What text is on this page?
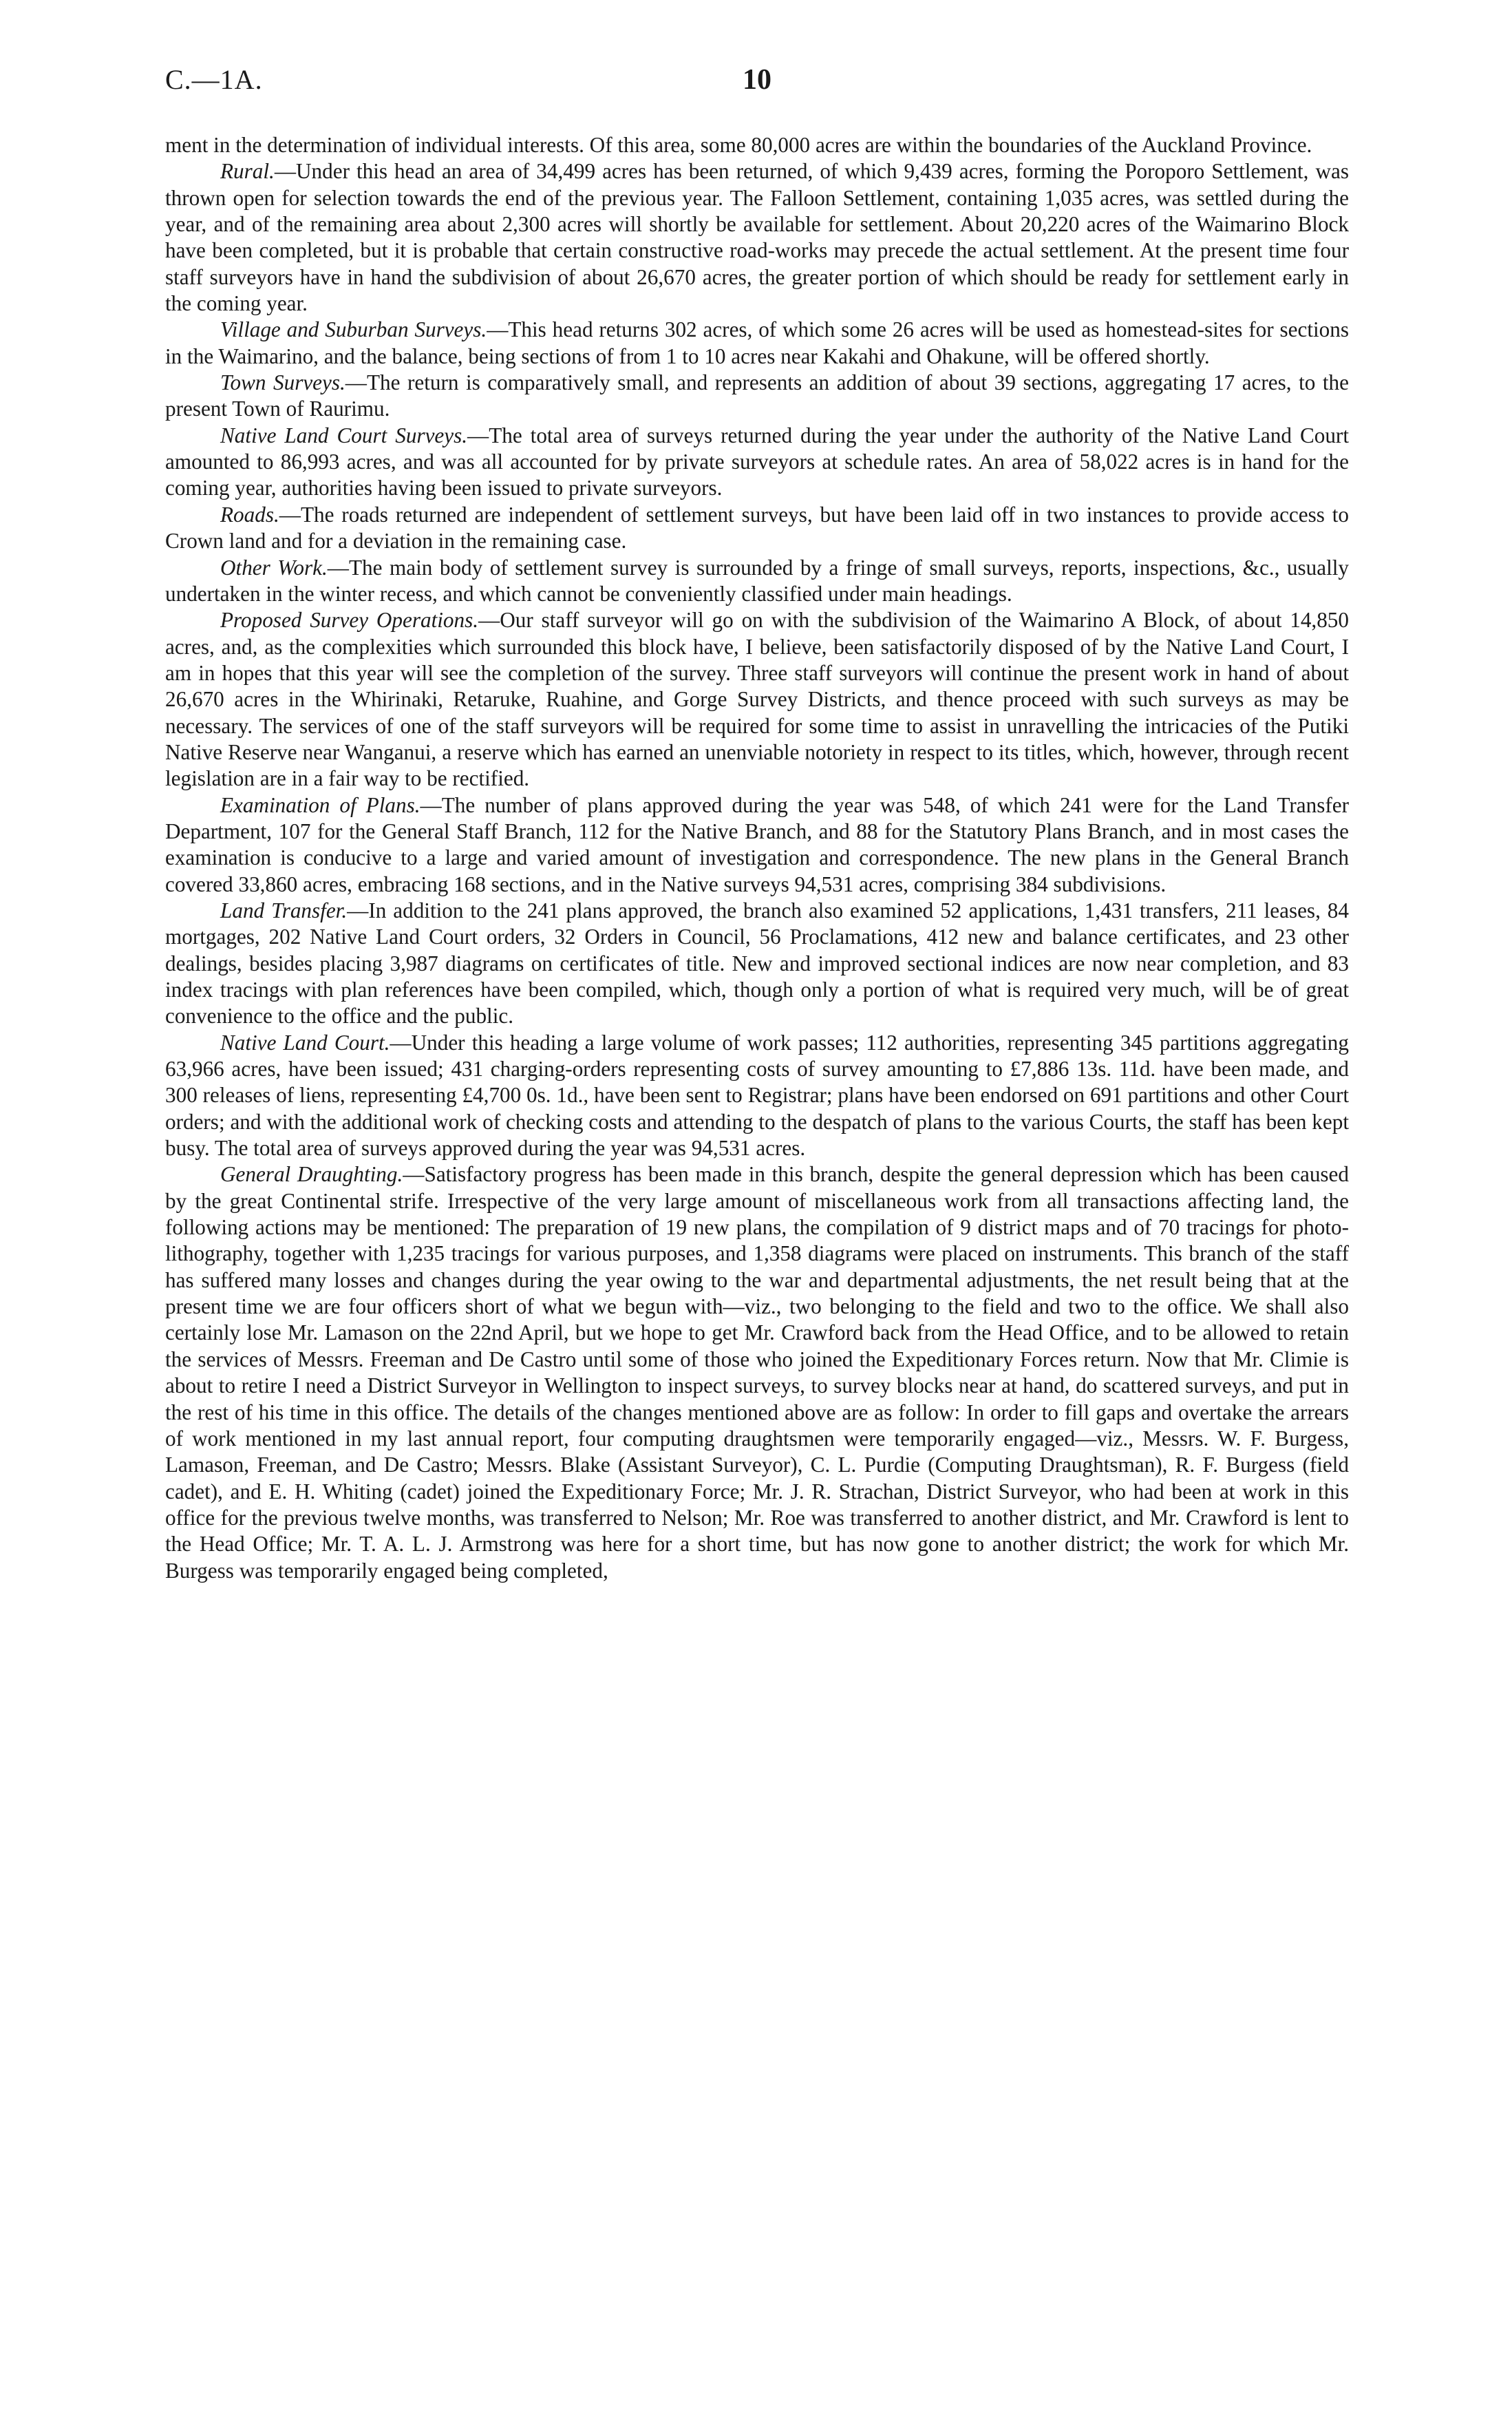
C.—1A.	10

ment in the determination of individual interests. Of this area, some 80,000 acres are within the boundaries of the Auckland Province.

Rural.—Under this head an area of 34,499 acres has been returned, of which 9,439 acres, forming the Poroporo Settlement, was thrown open for selection towards the end of the previous year. The Falloon Settlement, containing 1,035 acres, was settled during the year, and of the remaining area about 2,300 acres will shortly be available for settlement. About 20,220 acres of the Waimarino Block have been completed, but it is probable that certain constructive road-works may precede the actual settlement. At the present time four staff surveyors have in hand the subdivision of about 26,670 acres, the greater portion of which should be ready for settlement early in the coming year.

Village and Suburban Surveys.—This head returns 302 acres, of which some 26 acres will be used as homestead-sites for sections in the Waimarino, and the balance, being sections of from 1 to 10 acres near Kakahi and Ohakune, will be offered shortly.

Town Surveys.—The return is comparatively small, and represents an addition of about 39 sections, aggregating 17 acres, to the present Town of Raurimu.

Native Land Court Surveys.—The total area of surveys returned during the year under the authority of the Native Land Court amounted to 86,993 acres, and was all accounted for by private surveyors at schedule rates. An area of 58,022 acres is in hand for the coming year, authorities having been issued to private surveyors.

Roads.—The roads returned are independent of settlement surveys, but have been laid off in two instances to provide access to Crown land and for a deviation in the remaining case.

Other Work.—The main body of settlement survey is surrounded by a fringe of small surveys, reports, inspections, &c., usually undertaken in the winter recess, and which cannot be conveniently classified under main headings.

Proposed Survey Operations.—Our staff surveyor will go on with the subdivision of the Waimarino A Block, of about 14,850 acres, and, as the complexities which surrounded this block have, I believe, been satisfactorily disposed of by the Native Land Court, I am in hopes that this year will see the completion of the survey. Three staff surveyors will continue the present work in hand of about 26,670 acres in the Whirinaki, Retaruke, Ruahine, and Gorge Survey Districts, and thence proceed with such surveys as may be necessary. The services of one of the staff surveyors will be required for some time to assist in unravelling the intricacies of the Putiki Native Reserve near Wanganui, a reserve which has earned an unenviable notoriety in respect to its titles, which, however, through recent legislation are in a fair way to be rectified.

Examination of Plans.—The number of plans approved during the year was 548, of which 241 were for the Land Transfer Department, 107 for the General Staff Branch, 112 for the Native Branch, and 88 for the Statutory Plans Branch, and in most cases the examination is conducive to a large and varied amount of investigation and correspondence. The new plans in the General Branch covered 33,860 acres, embracing 168 sections, and in the Native surveys 94,531 acres, comprising 384 subdivisions.

Land Transfer.—In addition to the 241 plans approved, the branch also examined 52 applications, 1,431 transfers, 211 leases, 84 mortgages, 202 Native Land Court orders, 32 Orders in Council, 56 Proclamations, 412 new and balance certificates, and 23 other dealings, besides placing 3,987 diagrams on certificates of title. New and improved sectional indices are now near completion, and 83 index tracings with plan references have been compiled, which, though only a portion of what is required very much, will be of great convenience to the office and the public.

Native Land Court.—Under this heading a large volume of work passes; 112 authorities, representing 345 partitions aggregating 63,966 acres, have been issued; 431 charging-orders representing costs of survey amounting to £7,886 13s. 11d. have been made, and 300 releases of liens, representing £4,700 0s. 1d., have been sent to Registrar; plans have been endorsed on 691 partitions and other Court orders; and with the additional work of checking costs and attending to the despatch of plans to the various Courts, the staff has been kept busy. The total area of surveys approved during the year was 94,531 acres.

General Draughting.—Satisfactory progress has been made in this branch, despite the general depression which has been caused by the great Continental strife. Irrespective of the very large amount of miscellaneous work from all transactions affecting land, the following actions may be mentioned: The preparation of 19 new plans, the compilation of 9 district maps and of 70 tracings for photo-lithography, together with 1,235 tracings for various purposes, and 1,358 diagrams were placed on instruments. This branch of the staff has suffered many losses and changes during the year owing to the war and departmental adjustments, the net result being that at the present time we are four officers short of what we begun with—viz., two belonging to the field and two to the office. We shall also certainly lose Mr. Lamason on the 22nd April, but we hope to get Mr. Crawford back from the Head Office, and to be allowed to retain the services of Messrs. Freeman and De Castro until some of those who joined the Expeditionary Forces return. Now that Mr. Climie is about to retire I need a District Surveyor in Wellington to inspect surveys, to survey blocks near at hand, do scattered surveys, and put in the rest of his time in this office. The details of the changes mentioned above are as follow: In order to fill gaps and overtake the arrears of work mentioned in my last annual report, four computing draughtsmen were temporarily engaged—viz., Messrs. W. F. Burgess, Lamason, Freeman, and De Castro; Messrs. Blake (Assistant Surveyor), C. L. Purdie (Computing Draughtsman), R. F. Burgess (field cadet), and E. H. Whiting (cadet) joined the Expeditionary Force; Mr. J. R. Strachan, District Surveyor, who had been at work in this office for the previous twelve months, was transferred to Nelson; Mr. Roe was transferred to another district, and Mr. Crawford is lent to the Head Office; Mr. T. A. L. J. Armstrong was here for a short time, but has now gone to another district; the work for which Mr. Burgess was temporarily engaged being completed,
